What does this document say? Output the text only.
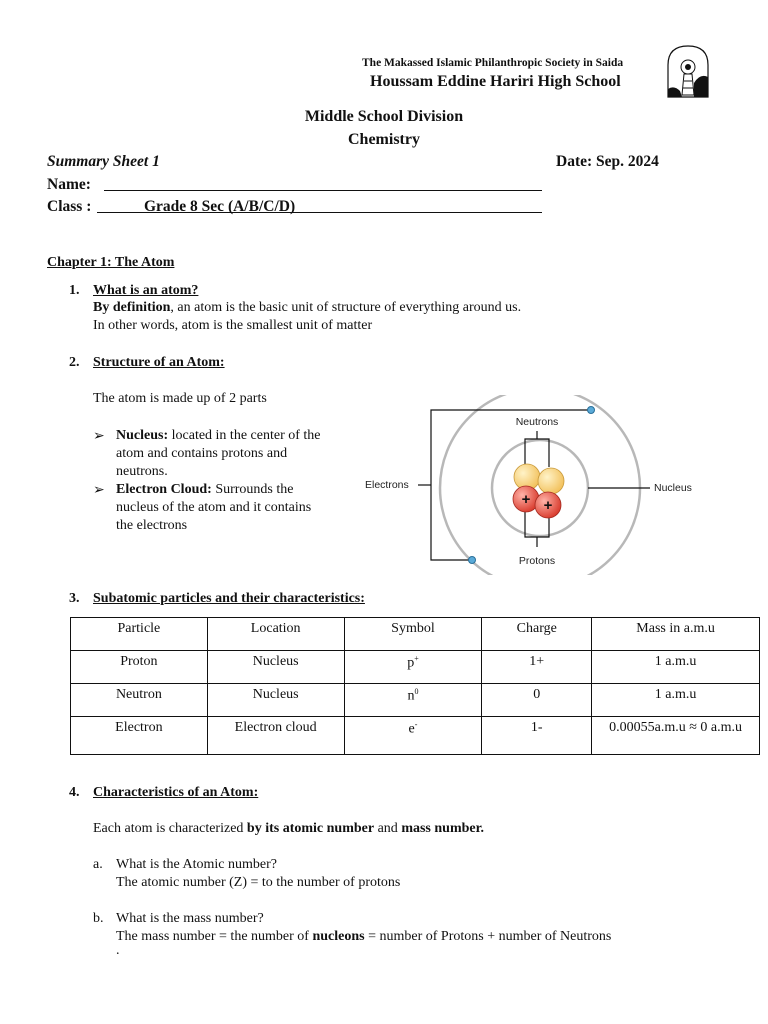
The Makassed Islamic Philanthropic Society in Saida
Houssam Eddine Hariri High School
Middle School Division
Chemistry
Summary Sheet 1	Date: Sep. 2024
Name:
Class :	Grade 8 Sec (A/B/C/D)
Chapter 1: The Atom
1. What is an atom?
By definition, an atom is the basic unit of structure of everything around us.
In other words, atom is the smallest unit of matter
2. Structure of an Atom:
The atom is made up of 2 parts
➢ Nucleus: located in the center of the
atom and contains protons and
neutrons.
➢ Electron Cloud: Surrounds the
nucleus of the atom and it contains
the electrons
+ +
Neutrons
Electrons	Nucleus
Protons
3. Subatomic particles and their characteristics:
Particle	Location	Symbol	Charge	Mass in a.m.u
Proton	Nucleus	p+	1+	1 a.m.u
Neutron	Nucleus	$n^0$	0	1 a.m.u
Electron	Electron cloud	e-	1-	0.00055a.m.u ≈ 0 a.m.u
4. Characteristics of an Atom:
Each atom is characterized by its atomic number and mass number.
a. What is the Atomic number?
The atomic number (Z) = to the number of protons
b. What is the mass number?
The mass number = the number of nucleons = number of Protons + number of Neutrons
.
